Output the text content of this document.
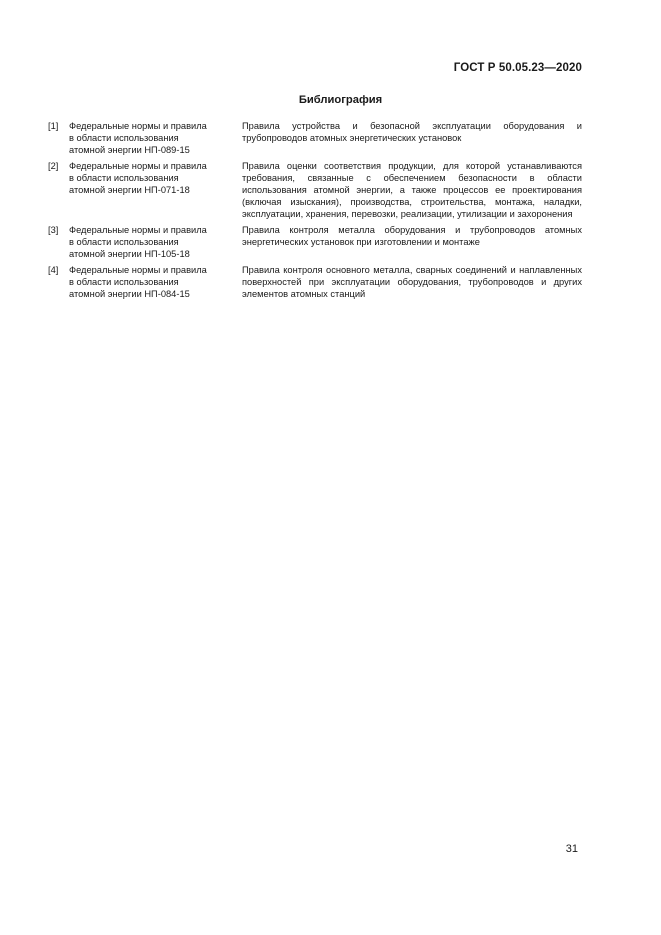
ГОСТ Р 50.05.23—2020
Библиография
[1]	Федеральные нормы и правила
в области использования
атомной энергии НП-089-15
Правила устройства и безопасной эксплуатации оборудования и трубопроводов атомных энергетических установок
[2]	Федеральные нормы и правила
в области использования
атомной энергии НП-071-18
Правила оценки соответствия продукции, для которой устанавливаются требования, связанные с обеспечением безопасности в области использования атомной энергии, а также процессов ее проектирования (включая изыскания), производства, строительства, монтажа, наладки, эксплуатации, хранения, перевозки, реализации, утилизации и захоронения
[3]	Федеральные нормы и правила
в области использования
атомной энергии НП-105-18
Правила контроля металла оборудования и трубопроводов атомных энергетических установок при изготовлении и монтаже
[4]	Федеральные нормы и правила
в области использования
атомной энергии НП-084-15
Правила контроля основного металла, сварных соединений и наплавленных поверхностей при эксплуатации оборудования, трубопроводов и других элементов атомных станций
31
